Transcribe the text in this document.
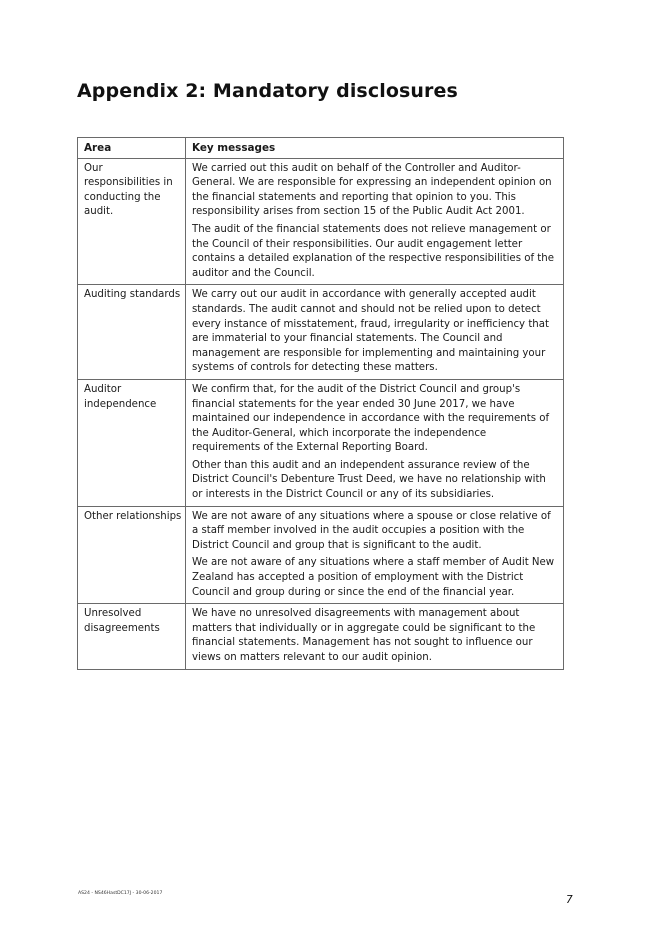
Appendix 2: Mandatory disclosures
Area	Key messages
Our responsibilities in conducting the audit.	We carried out this audit on behalf of the Controller and Auditor-General. We are responsible for expressing an independent opinion on the financial statements and reporting that opinion to you. This responsibility arises from section 15 of the Public Audit Act 2001.

The audit of the financial statements does not relieve management or the Council of their responsibilities. Our audit engagement letter contains a detailed explanation of the respective responsibilities of the auditor and the Council.

Auditing standards	We carry out our audit in accordance with generally accepted audit standards. The audit cannot and should not be relied upon to detect every instance of misstatement, fraud, irregularity or inefficiency that are immaterial to your financial statements. The Council and management are responsible for implementing and maintaining your systems of controls for detecting these matters.

Auditor independence	We confirm that, for the audit of the District Council and group's financial statements for the year ended 30 June 2017, we have maintained our independence in accordance with the requirements of the Auditor-General, which incorporate the independence requirements of the External Reporting Board.

Other than this audit and an independent assurance review of the District Council's Debenture Trust Deed, we have no relationship with or interests in the District Council or any of its subsidiaries.

Other relationships	We are not aware of any situations where a spouse or close relative of a staff member involved in the audit occupies a position with the District Council and group that is significant to the audit.

We are not aware of any situations where a staff member of Audit New Zealand has accepted a position of employment with the District Council and group during or since the end of the financial year.

Unresolved disagreements	We have no unresolved disagreements with management about matters that individually or in aggregate could be significant to the financial statements. Management has not sought to influence our views on matters relevant to our audit opinion.

AS24 - NS46HastDC17J - 30-06-2017
7
